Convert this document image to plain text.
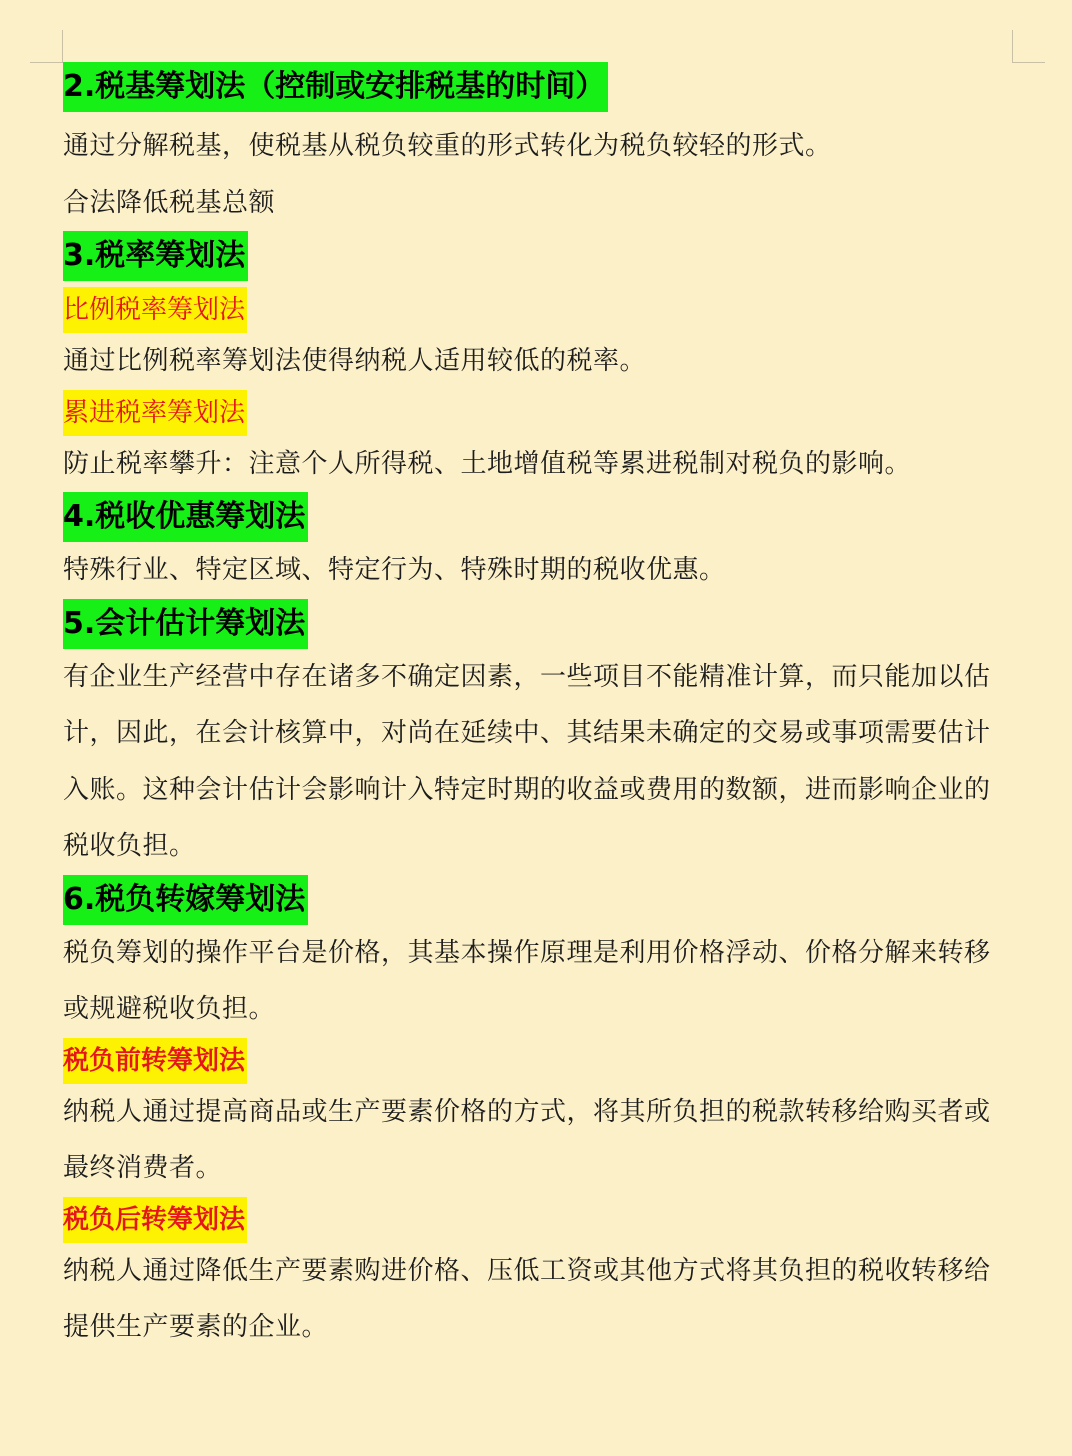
2.税基筹划法（控制或安排税基的时间）

通过分解税基，使税基从税负较重的形式转化为税负较轻的形式。

合法降低税基总额

3.税率筹划法
比例税率筹划法

通过比例税率筹划法使得纳税人适用较低的税率。

累进税率筹划法

防止税率攀升：注意个人所得税、土地增值税等累进税制对税负的影响。

4.税收优惠筹划法

特殊行业、特定区域、特定行为、特殊时期的税收优惠。

5.会计估计筹划法

有企业生产经营中存在诸多不确定因素，一些项目不能精准计算，而只能加以估计，因此，在会计核算中，对尚在延续中、其结果未确定的交易或事项需要估计入账。这种会计估计会影响计入特定时期的收益或费用的数额，进而影响企业的税收负担。

6.税负转嫁筹划法

税负筹划的操作平台是价格，其基本操作原理是利用价格浮动、价格分解来转移或规避税收负担。

税负前转筹划法

纳税人通过提高商品或生产要素价格的方式，将其所负担的税款转移给购买者或最终消费者。

税负后转筹划法

纳税人通过降低生产要素购进价格、压低工资或其他方式将其负担的税收转移给提供生产要素的企业。
